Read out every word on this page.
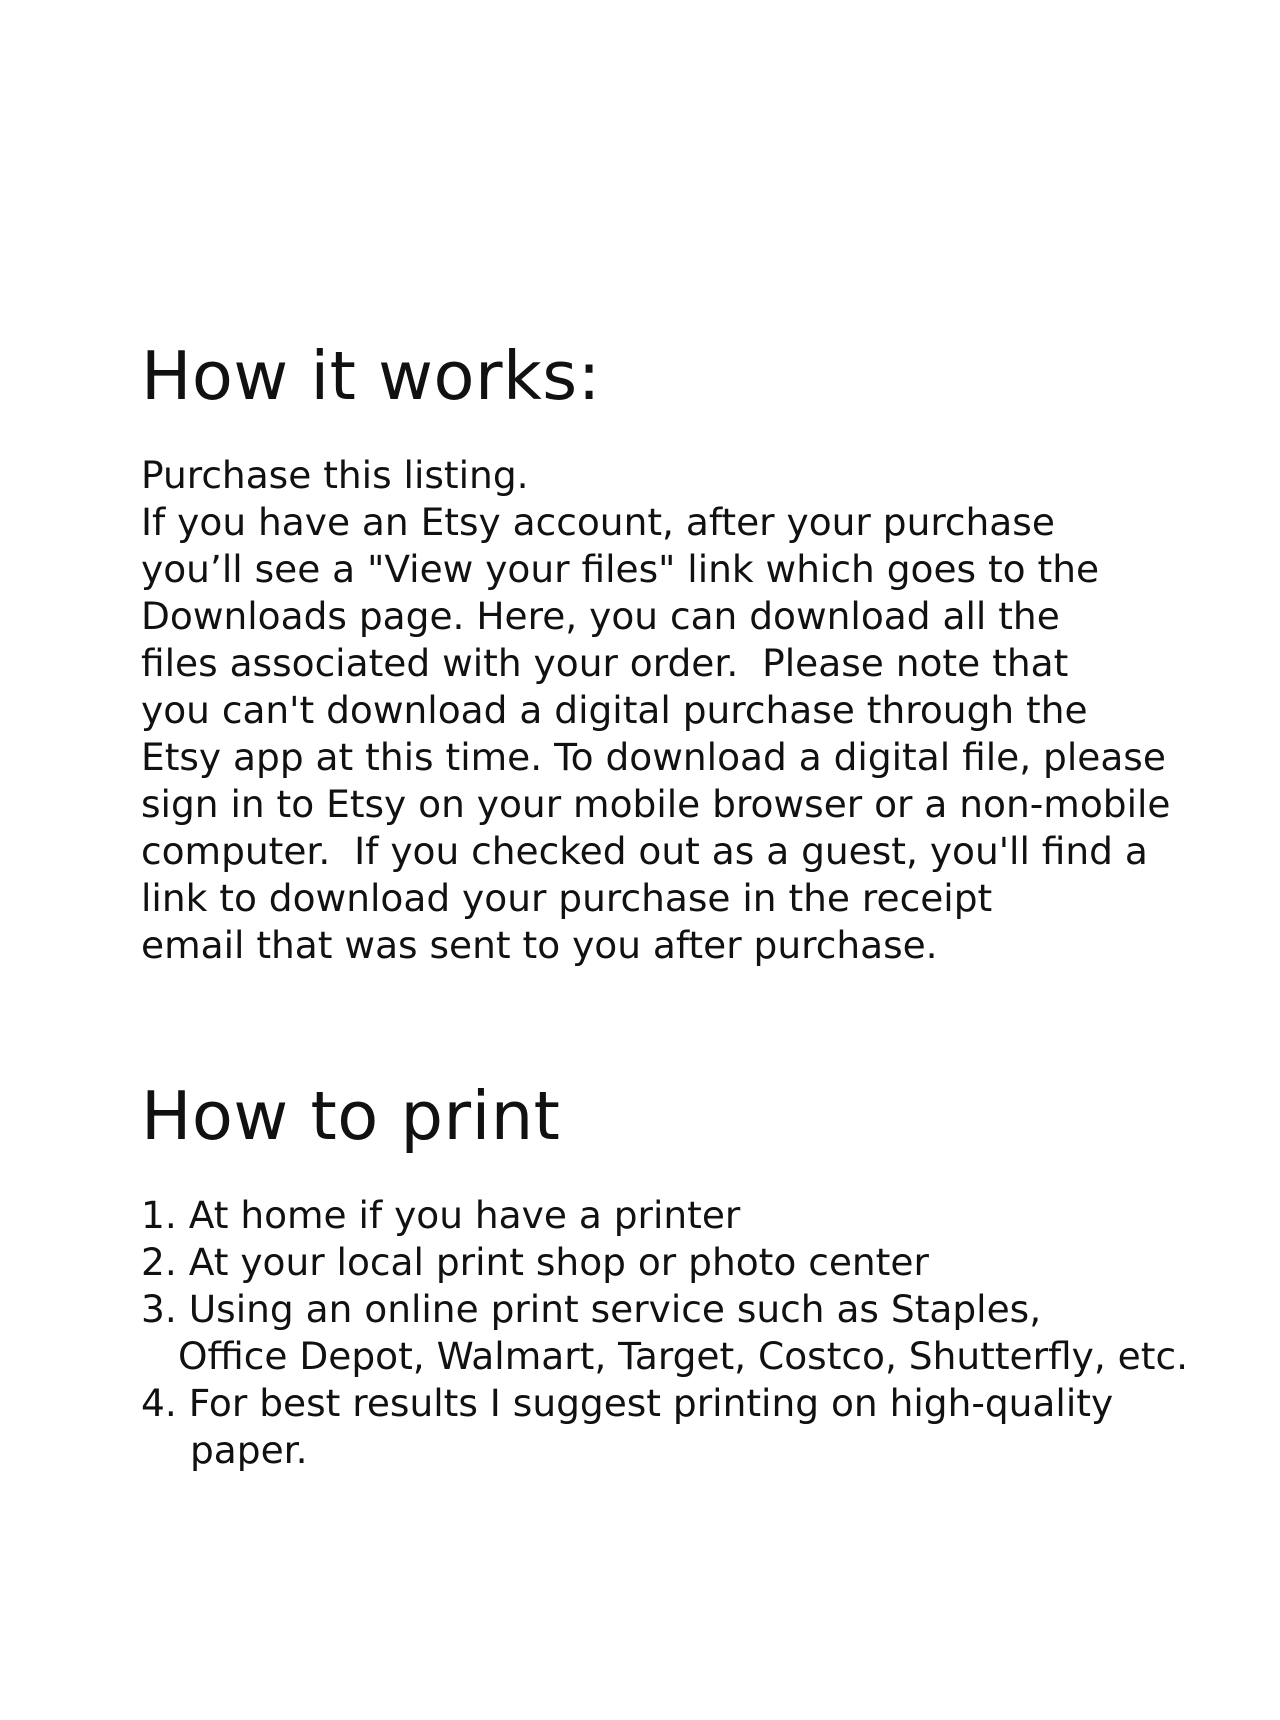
How it works:
Purchase this listing.
If you have an Etsy account, after your purchase
you’ll see a "View your files" link which goes to the
Downloads page. Here, you can download all the
files associated with your order.  Please note that
you can't download a digital purchase through the
Etsy app at this time. To download a digital file, please
sign in to Etsy on your mobile browser or a non-mobile
computer.  If you checked out as a guest, you'll find a
link to download your purchase in the receipt
email that was sent to you after purchase.
How to print
1. At home if you have a printer
2. At your local print shop or photo center
3. Using an online print service such as Staples,
Office Depot, Walmart, Target, Costco, Shutterfly, etc.
4. For best results I suggest printing on high-quality
paper.
